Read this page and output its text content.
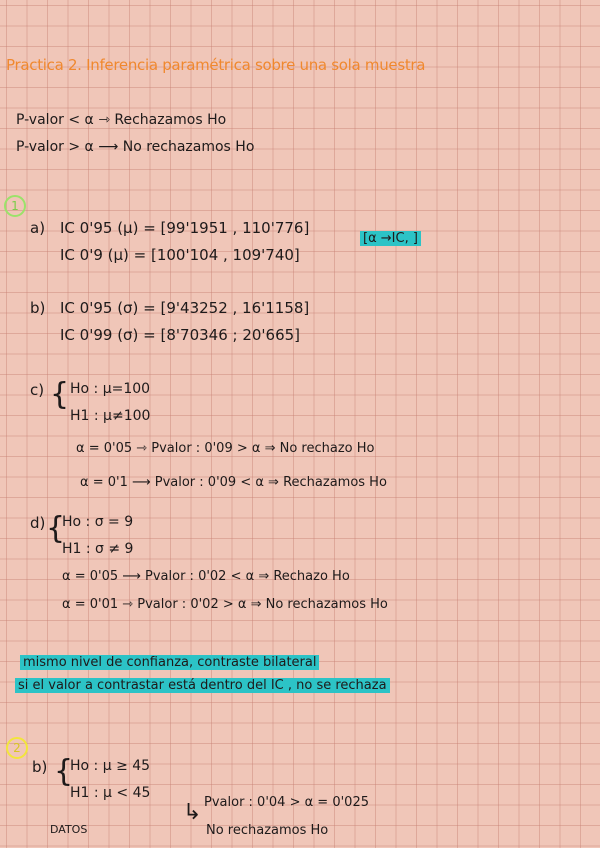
Practica 2. Inferencia paramétrica sobre una sola muestra
P-valor < α ⇾ Rechazamos Ho
P-valor > α ⟶ No rechazamos Ho
1
a) IC 0'95 (μ) = [99'1951 , 110'776]
IC 0'9 (μ) = [100'104 , 109'740]
[α →IC, ]
b) IC 0'95 (σ) = [9'43252 , 16'1158]
IC 0'99 (σ) = [8'70346 ; 20'665]
c) { Ho : μ=100
H1 : μ≠100
α = 0'05 ⇾ Pvalor : 0'09 > α ⇒ No rechazo Ho
α = 0'1 ⟶ Pvalor : 0'09 < α ⇒ Rechazamos Ho
d) {
Ho : σ = 9
H1 : σ ≠ 9
α = 0'05 ⟶ Pvalor : 0'02 < α ⇒ Rechazo Ho
α = 0'01 ⇾ Pvalor : 0'02 > α ⇒ No rechazamos Ho
mismo nivel de confianza, contraste bilateral
si el valor a contrastar está dentro del IC , no se rechaza
2
b) {
Ho : μ ≥ 45
H1 : μ < 45
↳ Pvalor : 0'04 > α = 0'025
No rechazamos Ho
DATOS
